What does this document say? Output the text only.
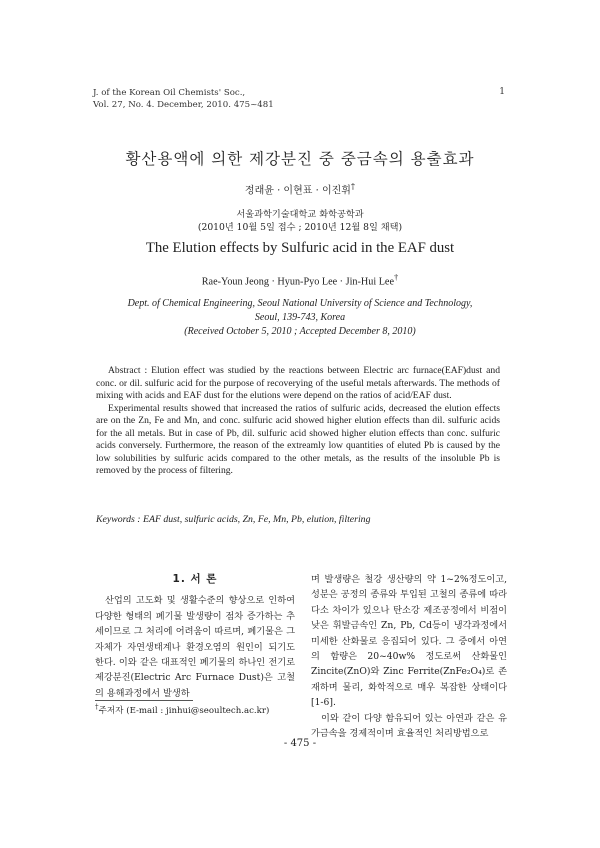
J. of the Korean Oil Chemists' Soc.,
Vol. 27, No. 4. December, 2010. 475~481
1
황산용액에 의한 제강분진 중 중금속의 용출효과
정래윤 · 이현표 · 이진휘†
서울과학기술대학교 화학공학과
(2010년 10월 5일 접수 ; 2010년 12월 8일 채택)
The Elution effects by Sulfuric acid in the EAF dust
Rae-Youn Jeong · Hyun-Pyo Lee · Jin-Hui Lee†
Dept. of Chemical Engineering, Seoul National University of Science and Technology,
Seoul, 139-743, Korea
(Received October 5, 2010 ; Accepted December 8, 2010)

Abstract : Elution effect was studied by the reactions between Electric arc furnace(EAF)dust and conc. or dil. sulfuric acid for the purpose of recoverying of the useful metals afterwards. The methods of mixing with acids and EAF dust for the elutions were depend on the ratios of acid/EAF dust.

Experimental results showed that increased the ratios of sulfuric acids, decreased the elution effects are on the Zn, Fe and Mn, and conc. sulfuric acid showed higher elution effects than dil. sulfuric acids for the all metals. But in case of Pb, dil. sulfuric acid showed higher elution effects than conc. sulfuric acids conversely. Furthermore, the reason of the extreamly low quantities of eluted Pb is caused by the low solubilities by sulfuric acids compared to the other metals, as the results of the insoluble Pb is removed by the process of filtering.

Keywords : EAF dust, sulfuric acids, Zn, Fe, Mn, Pb, elution, filtering
1. 서 론

산업의 고도화 및 생활수준의 향상으로 인하여 다양한 형태의 폐기물 발생량이 점차 증가하는 추세이므로 그 처리에 어려움이 따르며, 폐기물은 그 자체가 자연생태계나 환경오염의 원인이 되기도 한다. 이와 같은 대표적인 폐기물의 하나인 전기로 제강분진(Electric Arc Furnace Dust)은 고철의 용해과정에서 발생하

며 발생량은 철강 생산량의 약 1~2%정도이고, 성분은 공정의 종류와 투입된 고철의 종류에 따라 다소 차이가 있으나 탄소강 제조공정에서 비점이 낮은 휘발금속인 Zn, Pb, Cd등이 냉각과정에서 미세한 산화물로 응집되어 있다. 그 중에서 아연의 함량은 20~40w% 정도로써 산화물인 Zincite(ZnO)와 Zinc Ferrite(ZnFe₂O₄)로 존재하며 물리, 화학적으로 매우 복잡한 상태이다[1-6].

이와 같이 다양 함유되어 있는 아연과 같은 유가금속을 경제적이며 효율적인 처리방법으로

†주저자 (E-mail : jinhui@seoultech.ac.kr)
- 475 -
